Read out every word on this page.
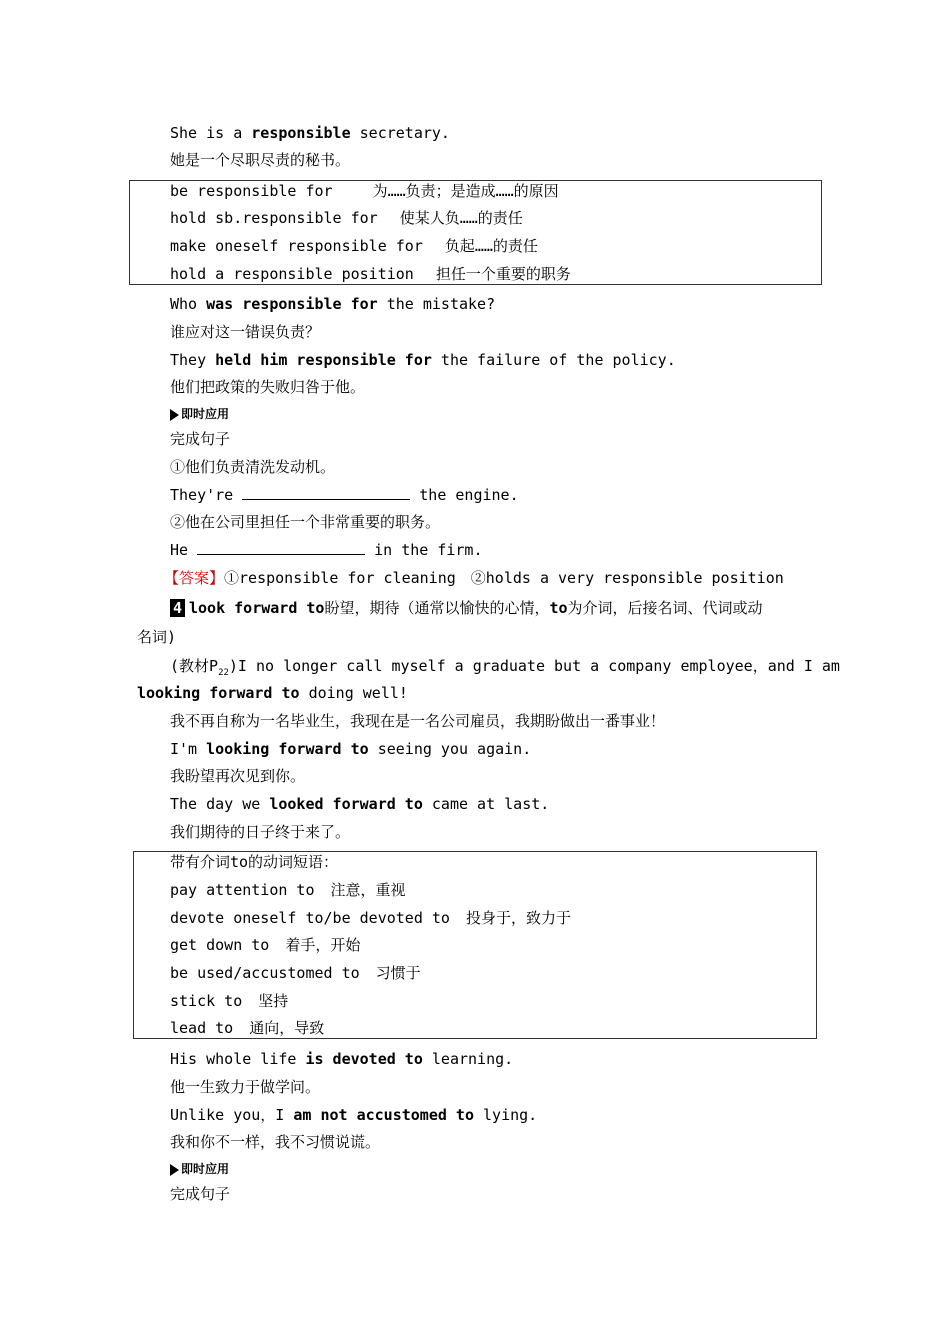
She is a responsible secretary.
她是一个尽职尽责的秘书。
be responsible for	为……负责；是造成……的原因
hold sb.responsible for 使某人负……的责任
make oneself responsible for 负起……的责任
hold a responsible position 担任一个重要的职务
Who was responsible for the mistake?
谁应对这一错误负责？
They held him responsible for the failure of the policy.
他们把政策的失败归咎于他。
即时应用
完成句子
①他们负责清洗发动机。
They're	the engine.
②他在公司里担任一个非常重要的职务。
He	in the firm.
【答案】①responsible for cleaning　②holds a very responsible position
4 look forward to盼望，期待（通常以愉快的心情，to为介词，后接名词、代词或动
名词)
(教材$P_{22})I$ no longer call myself a graduate but a company employee，and I am
looking forward to doing well!
我不再自称为一名毕业生，我现在是一名公司雇员，我期盼做出一番事业！
I'm looking forward to seeing you again.
我盼望再次见到你。
The day we looked forward to came at last.
我们期待的日子终于来了。
带有介词to的动词短语：
pay attention to 注意，重视
devote oneself to/be devoted to 投身于，致力于
get down to 着手，开始
be used/accustomed to 习惯于
stick to 坚持
lead to 通向，导致
His whole life is devoted to learning.
他一生致力于做学问。
Unlike you，I am not accustomed to lying.
我和你不一样，我不习惯说谎。
即时应用
完成句子
